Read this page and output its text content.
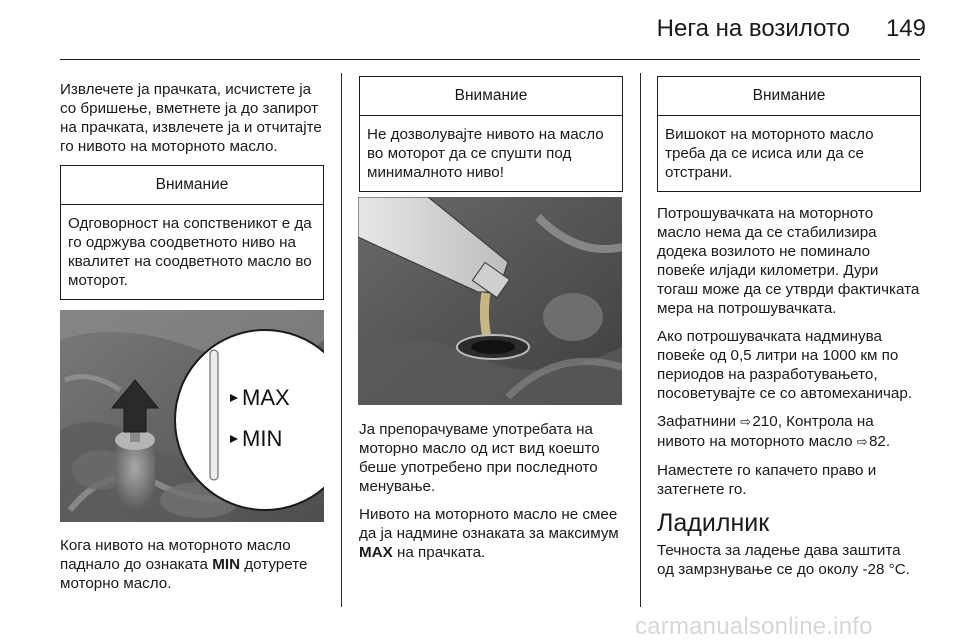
Нега на возилото	149

Извлечете ја прачката, исчистете ја со бришење, вметнете ја до запирот на прачката, извлечете ја и отчитајте го нивото на моторното масло.

Внимание
Одговорност на сопственикот е да го одржува соодветното ниво на квалитет на соодветното масло во моторот.
MAX
MIN

Кога нивото на моторното масло паднало до ознаката MIN дотурете моторно масло.

Внимание
Не дозволувајте нивото на масло во моторот да се спушти под минималното ниво!

Ја препорачуваме употребата на моторно масло од ист вид коешто беше употребено при последното менување.

Нивото на моторното масло не смее да ја надмине ознаката за максимум MAX на прачката.

Внимание
Вишокот на моторното масло треба да се исиса или да се отстрани.

Потрошувачката на моторното масло нема да се стабилизира додека возилото не поминало повеќе илјади километри. Дури тогаш може да се утврди фактичката мера на потрошувачката.

Ако потрошувачката надминува повеќе од 0,5 литри на 1000 км по периодов на разработувањето, посоветувајте се со автомеханичар.

Зафатнини ⇨ 210, Контрола на нивото на моторното масло ⇨ 82.

Наместете го капачето право и затегнете го.

Ладилник

Течноста за ладење дава заштита од замрзнување се до околу -28 °C.

carmanualsonline.info
